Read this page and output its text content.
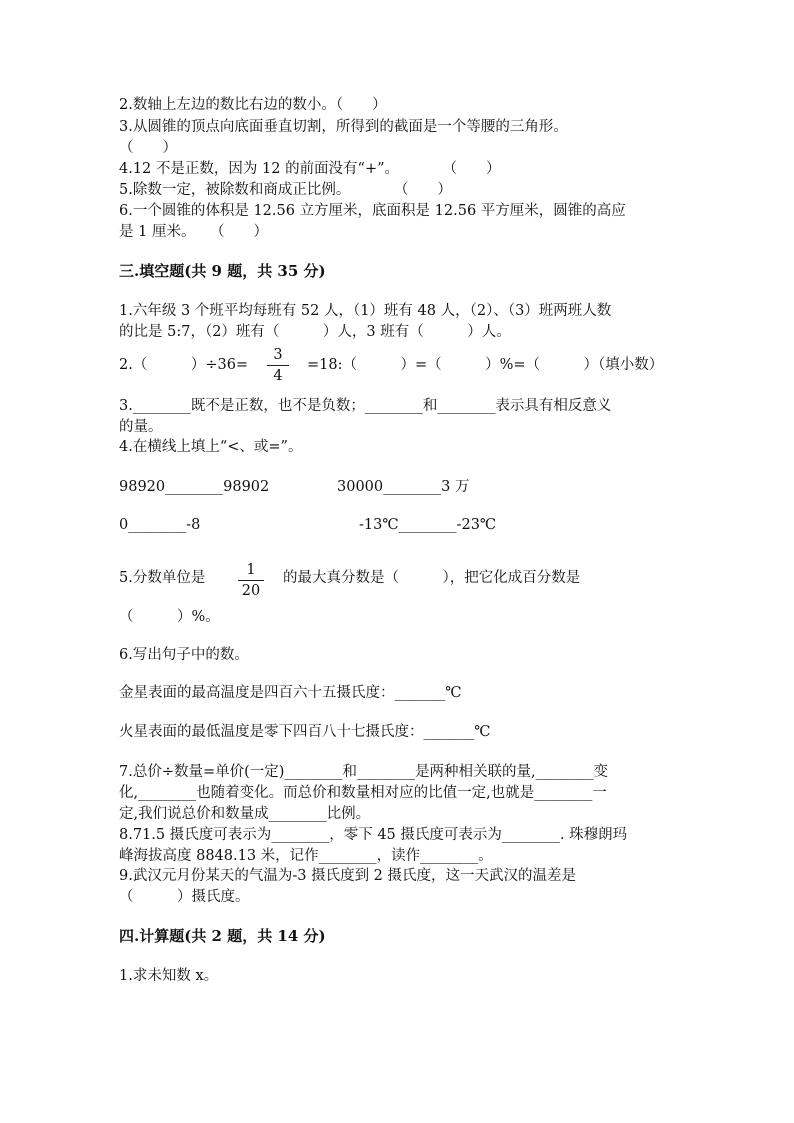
2.数轴上左边的数比右边的数小。（　　）
3.从圆锥的顶点向底面垂直切割，所得到的截面是一个等腰的三角形。
（　　）
4.12 不是正数，因为 12 的前面没有“+”。　　　　（　　）
5.除数一定，被除数和商成正比例。　　　　（　　）
6.一个圆锥的体积是 12.56 立方厘米，底面积是 12.56 平方厘米，圆锥的高应
是 1 厘米。　　（　　）
三.填空题(共 9 题，共 35 分)
1.六年级 3 个班平均每班有 52 人，（1）班有 48 人，（2）、（3）班两班人数
的比是 5:7，（2）班有（　　　）人，3 班有（　　　）人。
2.（　　　）÷36=
3
4
=18:（　　　）=（　　　）%=（　　　）（填小数）
3.________既不是正数，也不是负数；________和________表示具有相反意义
的量。
4.在横线上填上“<、或=”。
98920________98902	30000________3 万
0________-8	-13℃________-23℃
5.分数单位是	1
20
的最大真分数是（　　　），把它化成百分数是
（　　　）%。
6.写出句子中的数。
金星表面的最高温度是四百六十五摄氏度：_______℃
火星表面的最低温度是零下四百八十七摄氏度：_______℃
7.总价÷数量=单价(一定)________和________是两种相关联的量,________变
化,________也随着变化。而总价和数量相对应的比值一定,也就是________一
定,我们说总价和数量成________比例。
8.71.5 摄氏度可表示为________，零下 45 摄氏度可表示为________. 珠穆朗玛
峰海拔高度 8848.13 米，记作________，读作________。
9.武汉元月份某天的气温为-3 摄氏度到 2 摄氏度，这一天武汉的温差是
（　　　）摄氏度。
四.计算题(共 2 题，共 14 分)
1.求未知数 x。
